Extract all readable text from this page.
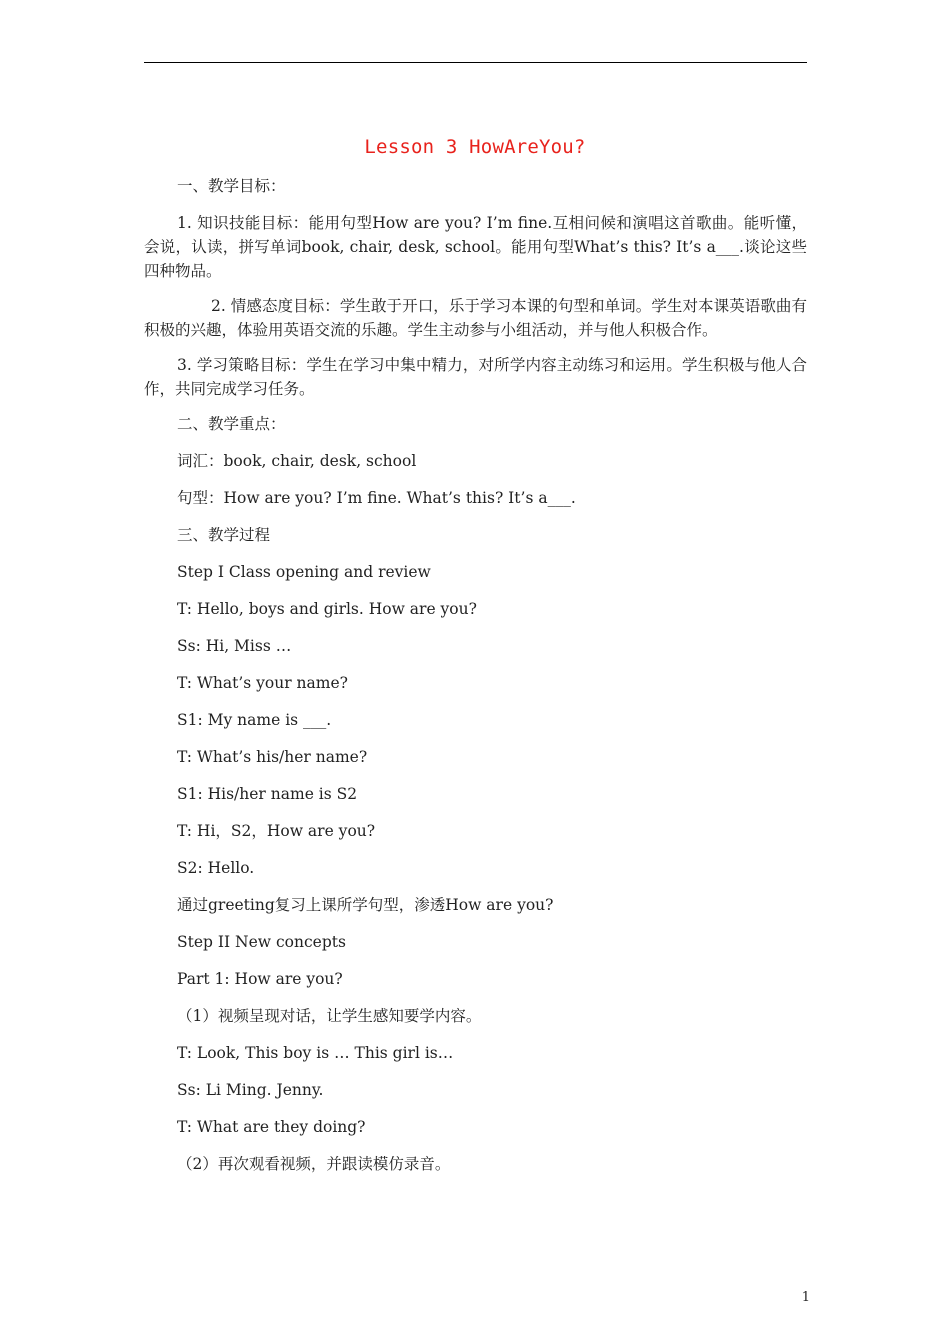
Lesson 3 HowAreYou?

一、教学目标：

1. 知识技能目标：能用句型How are you? I’m fine.互相问候和演唱这首歌曲。能听懂，会说，认读，拼写单词book, chair, desk, school。能用句型What’s this? It’s a___.谈论这些四种物品。

2. 情感态度目标：学生敢于开口，乐于学习本课的句型和单词。学生对本课英语歌曲有积极的兴趣，体验用英语交流的乐趣。学生主动参与小组活动，并与他人积极合作。

3. 学习策略目标：学生在学习中集中精力，对所学内容主动练习和运用。学生积极与他人合作，共同完成学习任务。

二、教学重点：

词汇：book, chair, desk, school

句型：How are you? I’m fine. What’s this? It’s a___.

三、教学过程

Step I Class opening and review

T: Hello, boys and girls. How are you?

Ss: Hi, Miss …

T: What’s your name?

S1: My name is ___.

T: What’s his/her name?

S1: His/her name is S2

T: Hi，S2，How are you?

S2: Hello.

通过greeting复习上课所学句型，渗透How are you?

Step II New concepts

Part 1: How are you?

（1）视频呈现对话，让学生感知要学内容。

T: Look, This boy is … This girl is…

Ss: Li Ming. Jenny.

T: What are they doing?

（2）再次观看视频，并跟读模仿录音。

1
